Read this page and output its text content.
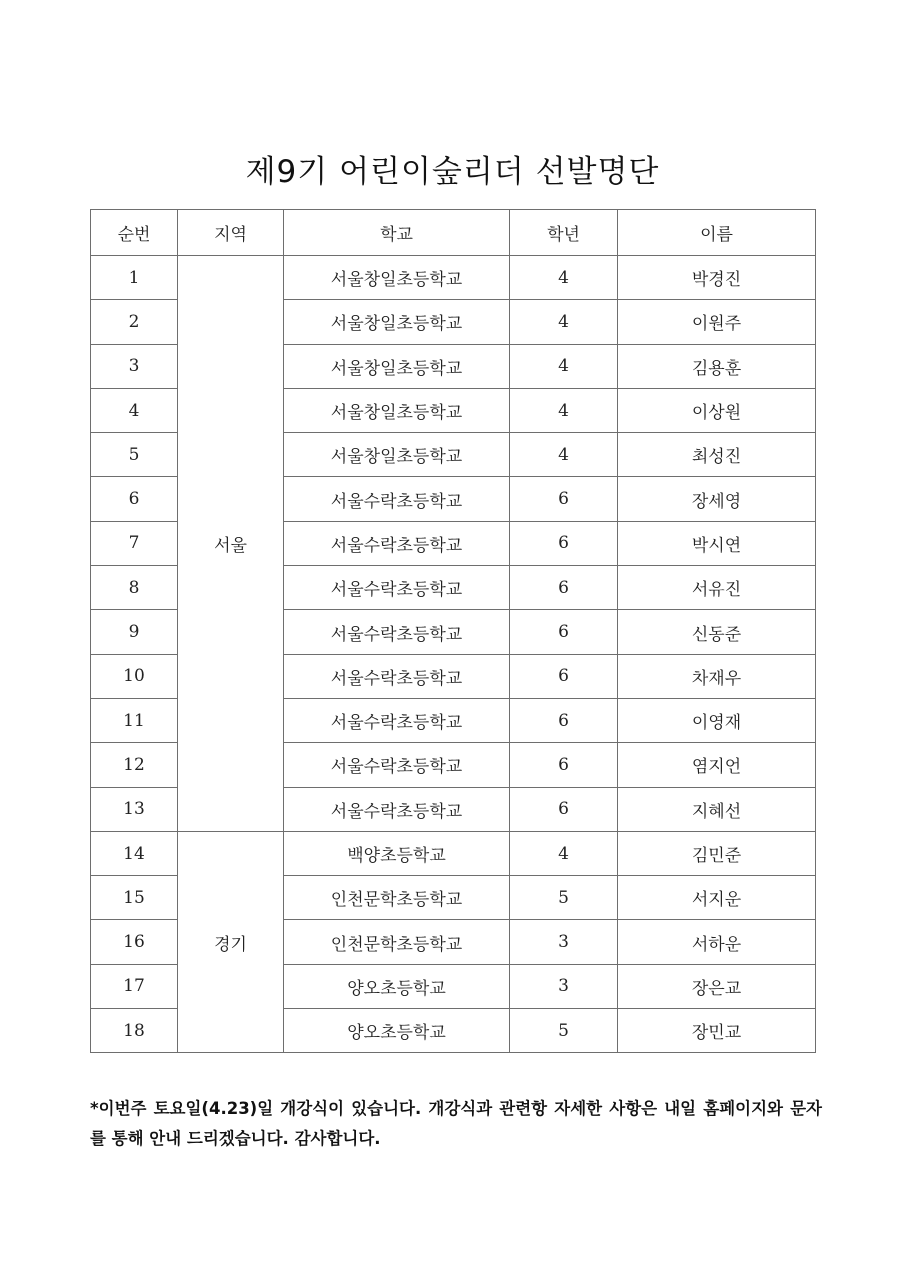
제9기 어린이숲리더 선발명단
순번	지역	학교	학년	이름
1	서울	서울창일초등학교	4	박경진
2		서울창일초등학교	4	이원주
3		서울창일초등학교	4	김용훈
4		서울창일초등학교	4	이상원
5		서울창일초등학교	4	최성진
6		서울수락초등학교	6	장세영
7		서울수락초등학교	6	박시연
8		서울수락초등학교	6	서유진
9		서울수락초등학교	6	신동준
10		서울수락초등학교	6	차재우
11		서울수락초등학교	6	이영재
12		서울수락초등학교	6	염지언
13		서울수락초등학교	6	지혜선
14	경기	백양초등학교	4	김민준
15		인천문학초등학교	5	서지운
16		인천문학초등학교	3	서하운
17		양오초등학교	3	장은교
18		양오초등학교	5	장민교
*이번주 토요일(4.23)일 개강식이 있습니다. 개강식과 관련항 자세한 사항은 내일 홈페이지와 문자를 통해 안내 드리겠습니다. 감사합니다.
